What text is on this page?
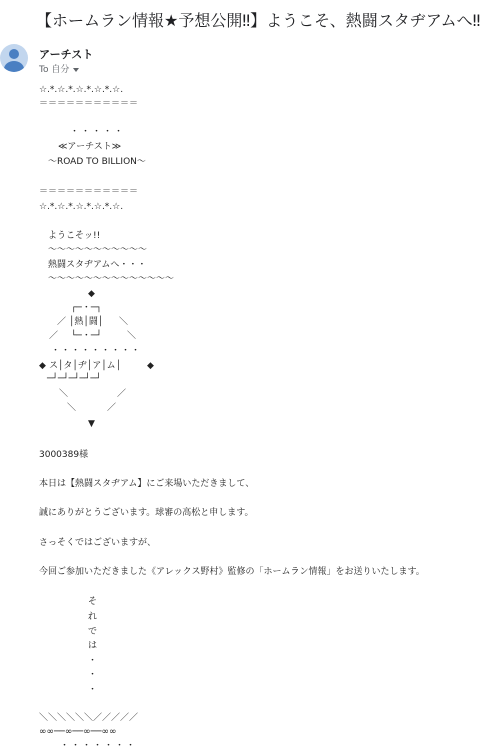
【ホームラン情報★予想公開‼】ようこそ、熱闘スタヂアムへ‼
アーチスト
To 自分
☆.*.☆.*.☆.*.☆.*.☆.
＝＝＝＝＝＝＝＝＝＝＝
・・・・・
≪アーチスト≫
〜ROAD TO BILLION〜
＝＝＝＝＝＝＝＝＝＝＝
☆.*.☆.*.☆.*.☆.*.☆.
ようこそッ!!
〜〜〜〜〜〜〜〜〜〜〜
熱闘スタヂアムへ・・・
〜〜〜〜〜〜〜〜〜〜〜〜〜〜
◆
┌─・─┐
／ │熱│闘│ ＼
／ └─・─┘	＼
・・・・・・・・・
◆ ス│タ│ヂ│ア│ム│	◆
─┘─┘─┘─┘─┘
＼	／
＼	／
▼
3000389様
本日は【熱闘スタヂアム】にご来場いただきまして、
誠にありがとうございます。球審の高松と申します。
さっそくではございますが、
今回ご参加いただきました《アレックス野村》監修の「ホームラン情報」をお送りいたします。
そ
れ
で
は
・
・
・
＼＼＼＼＼＼／／／／／
∞∞──∞──∞──∞∞
・・・・・・・
